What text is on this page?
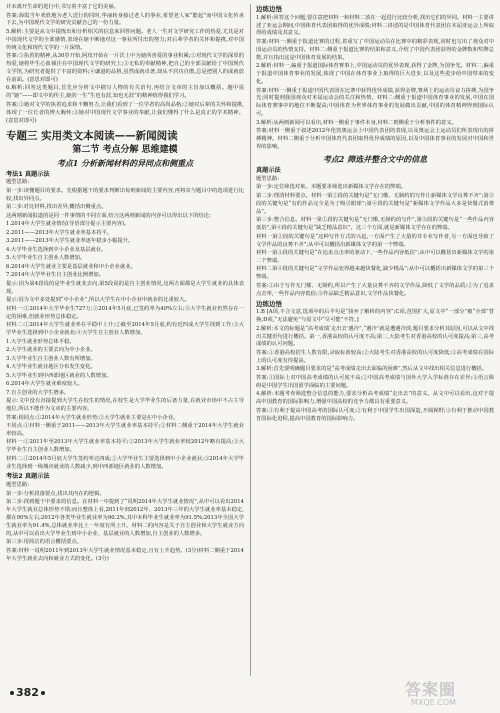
并未离开生命的进行中,书写着丰富了它的美丽。

答案:海霞当年欢欣地为老人送行的同时,华丽转身接过老人的事业,希望老人家“能起”而中国文化传承下去,为中国现代文学的研究贡献自己的一份力量。

5.解析:主要是从文中提炼出和分析相关的信息来回答问题。老人一生对文学研究工作的热爱,尤其是对中国现代文学的全部感情,表现在她不断地对这一事业所付出的努力;对后辈学者的关怀和提携,对中国传统文化和现代文学的一片深情。

答案:①执着的精神,从30岁开始,阿玫开始在一片沃土中为她所喜爱的事业积累;②对现代文学的深厚的热爱,她将毕生心血倾注在中国现代文学的研究上;③无私的奉献精神,把自己的全部贡献给了中国现代文学馆,为研究者提供了丰富的资料;④谦逊的品格,虽然成就卓著,却从不居功自傲,总是把别人的成就放在前面。(意思对即可)

6.解析:回答这类题目,首先应分析文中描写人物的有关语句,再结合文章的主旨加以概括。题中说的“她”——即文中的传主,她的一生“生也有涯,知也无涯”的精神值得我们学习。

答案:①她对文学的执着追求和不懈努力,让我们看到了一位学者的高尚品格;②她对后辈的关怀和提携,体现了一位长者的博大胸怀;③她对中国现代文学事业的奉献,让我们懂得了什么是真正的学术精神。(意思对即可)

专题三 实用类文本阅读——新闻阅读
第二节 考点分解 思维建模
考点1 分析新闻材料的异同点和侧重点
考法1 真题示法

题型思路:

第一步:读懂题目的要求。先根据题干的要求判断出每则新闻的主要内容,再将其与题目中的选项进行比较,找出异同点。

第二步:对比材料,找出差异,概括出侧重点。

这两则新闻报道的是同一件事情的不同方面,结合这两则新闻的内容可以得出以下的结论:

1.2014年大学生就业情况(导语部分提示主要内容)。

2.2011——2013年大学生就业率基本持平。

3.2011——2013年大学生就业率逐年稳步小幅提升。

4.大学毕业生选择到中小企业及基层就业。

5.大学毕业生自主创业人数增加。

6.2014年大学生就业主要是基层就业和中小企业就业。

7.2014年大学毕业生自主创业比例增加。

提示:因为第4段说的是毕业生就业去向,第5段说的是自主创业情况,这两方面都是大学生就业的具体表现。

提示:因为文中多处提到“中小企业”,所以大学生在中小企业中就业的比重较大。

材料一:①2014年大学毕业生727万;②2014年5月底,已签约率为40%左右;③大学生就业仍然存在一定的困难,但就业形势总体稳定。

材料二:①2014年大学生就业率在平稳中上升;②截至2014年5月底,约有近四成大学生找到工作;③大学毕业生选择到中小企业就业;④大学生自主创业人数增加。

1.大学生就业形势总体平稳。

2.大学生就业的主要去向为中小企业。

3.大学毕业生自主创业人数有所增加。

4.大学毕业生就业地区分布发生变化。

5.大学毕业生到中西部地区就业的人数增加。

6.2014年大学生就业难度较大。

7.自主创业的大学生增多。

提示:文中没有直接提到大学生在校生的情况,在校生是大学毕业生的后备力量,在就业市场中不占主导地位,所以不能作为文章的主要内容。

答案:相同点:①2014年大学生就业形势;②大学生就业主要是在中小企业。

不同点:①材料一侧重于2011——2013年大学生就业率基本持平;②材料二侧重于2014年大学生就业率较高。

材料一:①2011年至2013年大学生就业率基本持平;②2013年大学生就业率较2012年略有提高;③大学毕业生自主创业人数增加。

材料二:①2014年5月底大学生签约率达四成;②大学毕业生主要选择到中小企业就业;③2014年大学毕业生选择到一线城市就业的人数减少,到中西部地区就业的人数增加。

考法2 真题示法

题型思路:

第一步:分析段落要点,找出其内在的逻辑。

第二步:找到题干中要求的信息。在材料一中提到了“说明2014年大学生就业情况”,从中可以看出2014年大学生就业总体形势不错;而且整体上看,2011年到2012年、2013年三年的大学生就业率基本稳定,都在90%左右;2012年各类毕业生就业率为90.2%,其中本科毕业生就业率为91.5%;2013年全国大学生就业率为91.4%,总体就业率比上一年度有所上升。材料二的内容是关于自主创业和大学生就业方向的,从中可以看出大学毕业生到中小企业、基层就业的人数增加,自主创业的人数增多。

第三步:用简洁的语言概括要点。

答案:材料一说明2011年到2013年大学生就业情况基本稳定,且有上升趋势。(3分)材料二侧重于2014年大学生就业去向和就业方式的变化。(3分)

边练边悟

1.解析:回答这个问题,要注意把材料一和材料二放在一起进行比较分析,找出它们的异同。材料一主要讲述了亚运会期间,中国体育代表团取得的优异成绩;材料二讲述的是中国体育代表团在本届亚运会上所取得的成绩及其意义。

答案:材料一:侧重于报道比赛的过程,着重写了中国运动员在比赛中的精彩表现,同时也写出了观众对中国运动员的热情支持。材料二:侧重于报道比赛的结果和意义,介绍了中国代表团获得的金牌数和奖牌总数,并且指出这是中国体育发展的结果。

2.解析:材料一,偏重于报道国际体育赛事上,中国运动员的优异表现,获得了金牌,为国争光。材料二,偏重于报道中国体育事业的发展,体现了中国在体育事业上取得的巨大进步,以及这些进步给中国带来的变化。

答案:材料一:侧重于报道中国代表团在比赛中获得优异成绩,获得金牌,赛场上的运动员奋力拼搏,为国争光;同时提到我国观众对本届运动会的关注和热情。材料二:侧重于报道中国体育事业的发展,中国在国际体育赛事中的地位不断提高;中国体育为世界体育事业的发展做出贡献,中国的体育精神得到国际认可。

3.解析:从两则新闻可以看出,材料一侧重于事件本身,材料二则侧重于分析事件的意义。

答案:材料一侧重于叙述2012年伦敦奥运会上中国代表团的表现,以及奥运会上运动员们所表现出的拼搏精神。材料二侧重于分析中国体育代表团取得优异成绩的原因,以及中国体育事业的发展对中国和世界的影响。

考点2 筛选并整合文中的信息
真题示法

题型思路:

第一步:定位筛选对象。本题要求筛选出新媒体文学存在的弊端。

第二步:理清材料要点。材料一第②段的关键句是“无门槛、无制约的写作让新媒体文学良莠不齐”;第③段的关键句是“有的作品完全是为了吸引眼球”;第④段的关键句是“新媒体文学作品大多是快餐式消费品”。

第三步:整合信息。材料一第①段的关键句是“无门槛,无制约的写作”,第③段的关键句是“一些作品内容低俗”,第④段的关键句是“缺乏精品意识”。这三个方面,就是新媒体文学存在的弊端。

材料一第②段的关键句是“这种写作方式的兴起,一方面产生了大量的非专业写作者,另一方面也导致了文学作品的良莠不齐”;从中可以概括出新媒体文学的第一个弊端。

材料一第③段的关键句是“在追求点击率的驱动下,一些作品内容低俗”;从中可以概括出新媒体文学的第二个弊端。

材料二第④段的关键句是“文学作品变得越来越快餐化,缺少精品”;从中可以概括出新媒体文学的第三个弊端。

答案:①由于写作无门槛、无制约,所以产生了大量良莠不齐的文学作品,降低了文学的品质;②为了追求点击率,一些作品内容低俗;③作品缺乏精品意识,文学作品快餐化。

边练边悟

1.B [A项,不合文意,选项中的后半句是“扬弃了解析的内容”;C项,范围扩大,原文中“一部分”被“全部”替换;D项,“无法避免”与原文中“尽可能”不符。]

2.解析:本文的标题是“高考成绩‘走出去’遇冷”,“遇冷”就是遭遇冷淡,题目要求分析其原因,可以从文中找出关键语句进行概括。第一,香港高校的认可度不高;第二,大陆考生对香港高校的认可度提高;第三,高考成绩的认可问题。

答案:①香港高校招生人数有限,录取标准较高;②大陆考生对香港高校的认可度降低;③高考成绩在国际上的认可度有待提高。

3.解析:首先要明确题目要求的是“高考成绩走出去面临的困难”,然后从文中找出相关信息进行概括。

答案:①国际上对中国高考成绩的认可度不高;②中国高考成绩与国外大学入学标准存在差异;③语言障碍是中国学生出国留学面临的主要问题。

4.解析:本题考查筛选整合信息的能力,要求分析高考成绩“走出去”的意义。从文中可以看出,这对于提高中国教育的国际影响力,增强中国高校的竞争力都具有重要意义。

答案:①有利于提高中国高考的国际认可度;②有利于中国学生出国深造,开阔视野;③有利于推动中国教育国际化进程,提高中国教育的国际影响力。

382	答案圈
MXQE.COM
